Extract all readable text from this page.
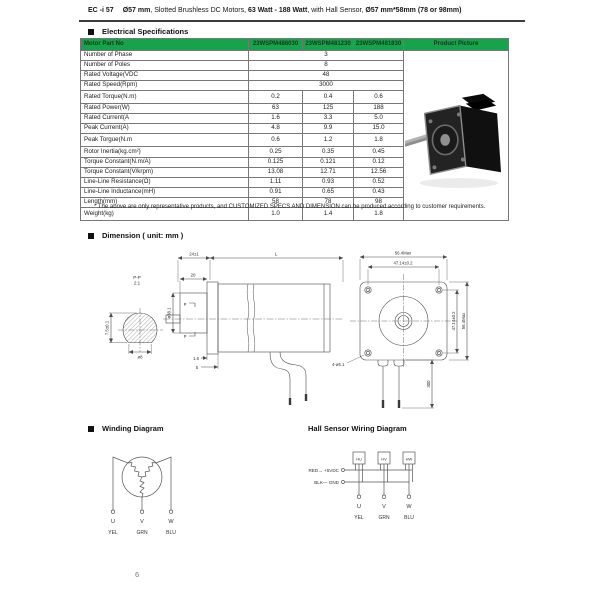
EC -i 57 Ø57 mm, Slotted Brushless DC Motors, 63 Watt - 188 Watt, with Hall Sensor, Ø57 mm*58mm (78 or 98mm)
Electrical Specifications
Motor Part No	23WSPM486030	23WSPM481230	23WSPM481830	Product Picture
Number of Phase	3	

Number of Poles	8			
Rated Voltage(VDC	48			
Rated Speed(Rpm)	3000			
Rated Torque(N.m)	0.2	0.4	0.6	
Rated Power(W)	63	125	188	
Rated Current(A	1.6	3.3	5.0	
Peak Current(A)	4.8	9.9	15.0	
Peak Torgue(N.m	0.6	1.2	1.8	
Rotor Inertia(kg.cm²)	0.25	0.35	0.45	
Torque Constant(N.m/A)	0.125	0.121	0.12	
Torque Constant(V/krpm)	13.08	12.71	12.56	
Line-Line Resistance(Ω)	1.11	0.93	0.52	
Line-Line Inductance(mH)	0.91	0.65	0.43	
Length(mm)	58	78	98	
Weight(kg)	1.0	1.4	1.8	
* The above are only representative products, and CUSTOMIZED SPECS AND DIMENSION can be produced according to customer requirements.
Dimension ( unit: mm )
P-P
2:1
7.5±0.1
ø8
24±1	L
20
ø38.1
P
P
1.6
5
56.4Max
47.14±0.2
47.14±0.2 56.4Max
4-ø5.1
300
Winding Diagram	Hall Sensor Wiring Diagram
U	V	W
YEL	GRN	BLU
HU	HV	HW
RED→ +5VDC
BLK— GND
U	V	W
YEL	GRN	BLU
6
